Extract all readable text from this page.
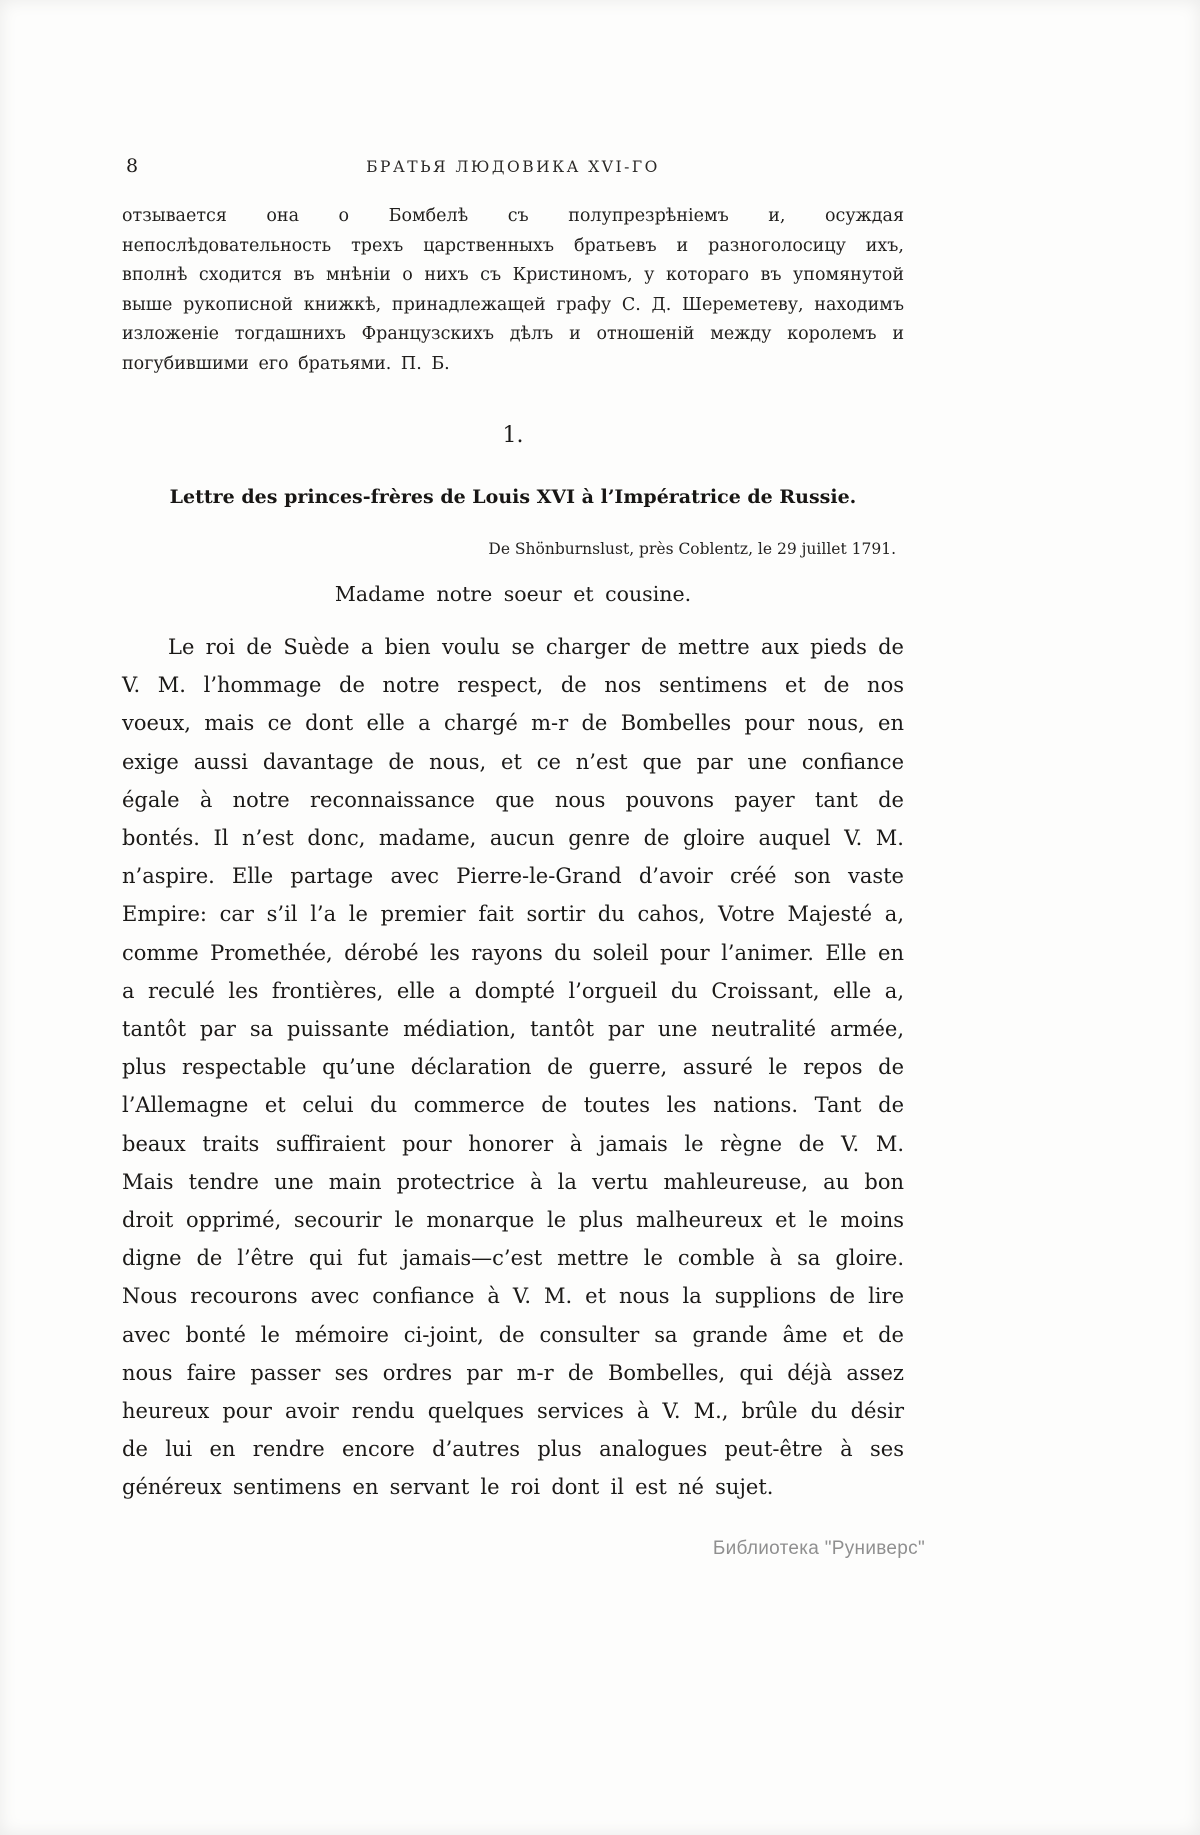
8	БРАТЬЯ ЛЮДОВИКА XVI-ГО

отзывается она о Бомбелѣ съ полупрезрѣніемъ и, осуждая непослѣдовательность трехъ царственныхъ братьевъ и разноголосицу ихъ, вполнѣ сходится въ мнѣніи о нихъ съ Кристиномъ, у котораго въ упомянутой выше рукописной книжкѣ, принадлежащей графу С. Д. Шереметеву, находимъ изложеніе тогдашнихъ Французскихъ дѣлъ и отношеній между королемъ и погубившими его братьями. П. Б.

1.
Lettre des princes-frères de Louis XVI à l’Impératrice de Russie.
De Shönburnslust, près Coblentz, le 29 juillet 1791.
Madame notre soeur et cousine.

Le roi de Suède a bien voulu se charger de mettre aux pieds de V. M. l’hommage de notre respect, de nos sentimens et de nos voeux, mais ce dont elle a chargé m-r de Bombelles pour nous, en exige aussi davantage de nous, et ce n’est que par une confiance égale à notre reconnaissance que nous pouvons payer tant de bontés. Il n’est donc, madame, aucun genre de gloire auquel V. M. n’aspire. Elle partage avec Pierre-le-Grand d’avoir créé son vaste Empire: car s’il l’a le premier fait sortir du cahos, Votre Majesté a, comme Promethée, dérobé les rayons du soleil pour l’animer. Elle en a reculé les frontières, elle a dompté l’orgueil du Croissant, elle a, tantôt par sa puissante médiation, tantôt par une neutralité armée, plus respectable qu’une déclaration de guerre, assuré le repos de l’Allemagne et celui du commerce de toutes les nations. Tant de beaux traits suffiraient pour honorer à jamais le règne de V. M. Mais tendre une main protectrice à la vertu mahleureuse, au bon droit opprimé, secourir le monarque le plus malheureux et le moins digne de l’être qui fut jamais—c’est mettre le comble à sa gloire. Nous recourons avec confiance à V. M. et nous la supplions de lire avec bonté le mémoire ci-joint, de consulter sa grande âme et de nous faire passer ses ordres par m-r de Bombelles, qui déjà assez heureux pour avoir rendu quelques services à V. M., brûle du désir de lui en rendre encore d’autres plus analogues peut-être à ses généreux sentimens en servant le roi dont il est né sujet.

Библиотека "Руниверс"
